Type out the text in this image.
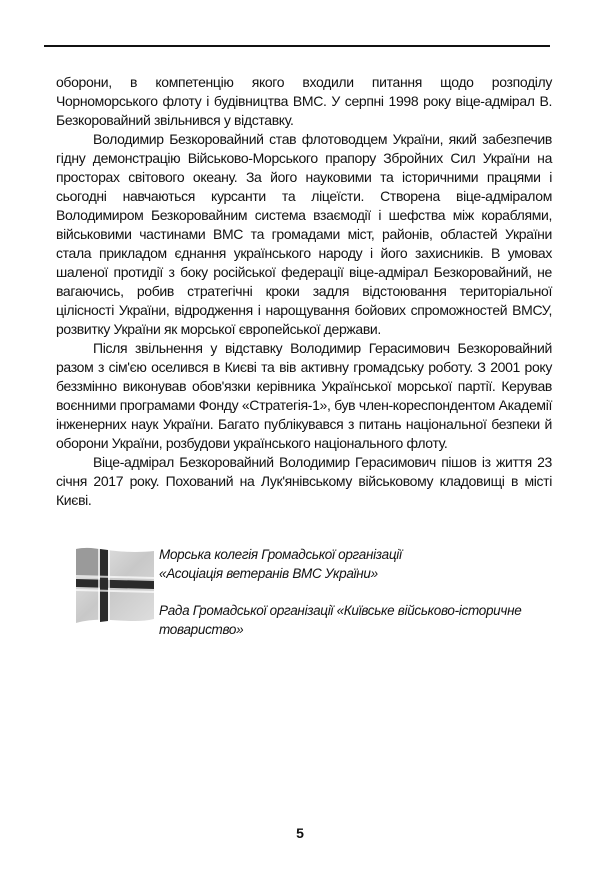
оборони, в компетенцію якого входили питання щодо розподілу Чорноморського флоту і будівництва ВМС. У серпні 1998 року віце-адмірал В. Безкоровайний звільнився у відставку.

Володимир Безкоровайний став флотоводцем України, який забезпечив гідну демонстрацію Військово-Морського прапору Збройних Сил України на просторах світового океану. За його науковими та історичними працями і сьогодні навчаються курсанти та ліцеїсти. Створена віце-адміралом Володимиром Безкоровайним система взаємодії і шефства між кораблями, військовими частинами ВМС та громадами міст, районів, областей України стала прикладом єднання українського народу і його захисників. В умовах шаленої протидії з боку російської федерації віце-адмірал Безкоровайний, не вагаючись, робив стратегічні кроки задля відстоювання територіальної цілісності України, відродження і нарощування бойових спроможностей ВМСУ, розвитку України як морської європейської держави.

Після звільнення у відставку Володимир Герасимович Безкоровайний разом з сім'єю оселився в Києві та вів активну громадську роботу. З 2001 року беззмінно виконував обов'язки керівника Української морської партії. Керував воєнними програмами Фонду «Стратегія-1», був член-кореспондентом Академії інженерних наук України. Багато публікувався з питань національної безпеки й оборони України, розбудови українського національного флоту.

Віце-адмірал Безкоровайний Володимир Герасимович пішов із життя 23 січня 2017 року. Похований на Лук'янівському військовому кладовищі в місті Києві.

Морська колегія Громадської організації
«Асоціація ветеранів ВМС України»
Рада Громадської організації «Київське військово-історичне
товариство»
5
